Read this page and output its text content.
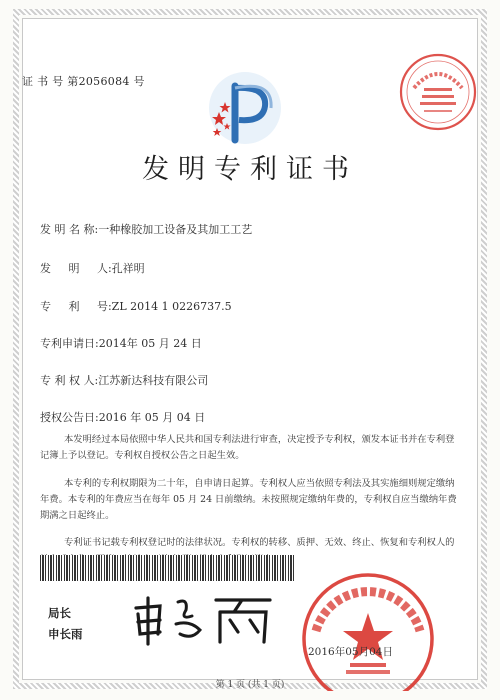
证 书 号 第2056084 号
发明专利证书
发 明 名 称:一种橡胶加工设备及其加工工艺
发     明     人:孔祥明
专     利     号:ZL 2014 1 0226737.5
专利申请日:2014年 05 月 24 日
专 利 权 人:江苏新达科技有限公司
授权公告日:2016 年 05 月 04 日

本发明经过本局依照中华人民共和国专利法进行审查，决定授予专利权，颁发本证书并在专利登记簿上予以登记。专利权自授权公告之日起生效。

本专利的专利权期限为二十年，自申请日起算。专利权人应当依照专利法及其实施细则规定缴纳年费。本专利的年费应当在每年 05 月 24 日前缴纳。未按照规定缴纳年费的，专利权自应当缴纳年费期满之日起终止。

专利证书记载专利权登记时的法律状况。专利权的转移、质押、无效、终止、恢复和专利权人的

局长
申长雨
2016年05月04日
第 1 页 (共 1 页)
